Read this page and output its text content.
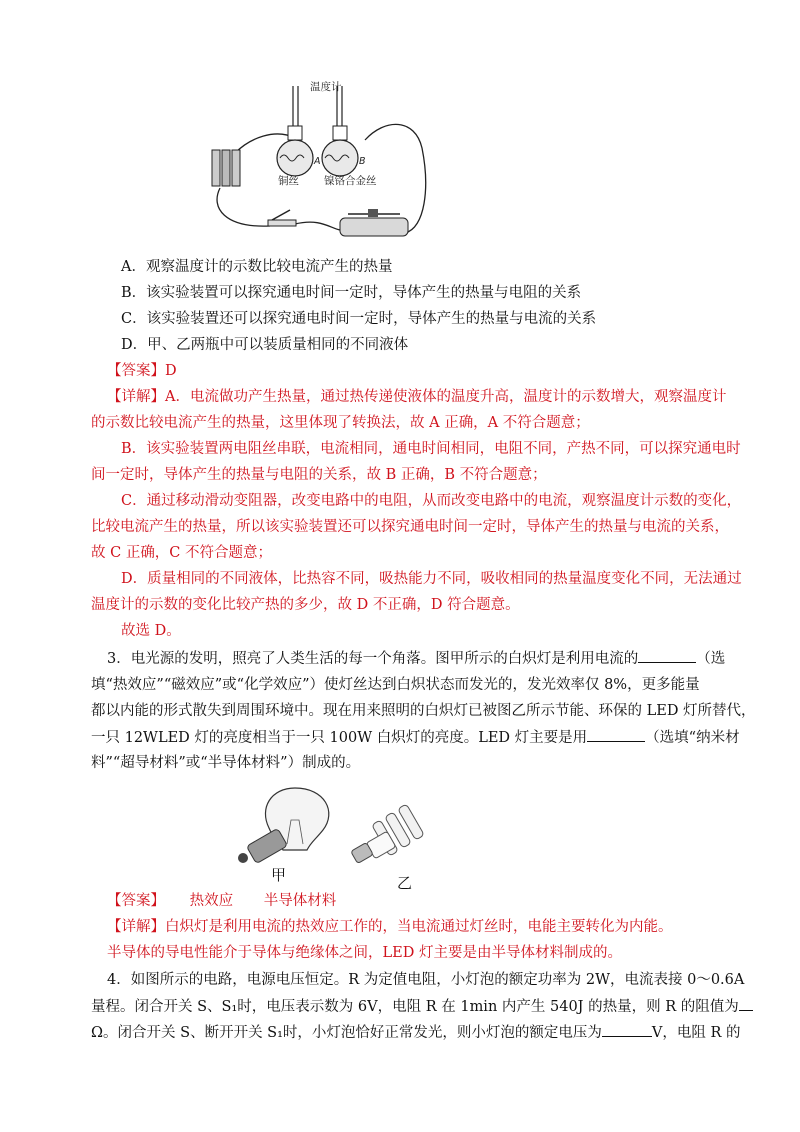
温度计
A	B
铜丝 镍铬合金丝
A．观察温度计的示数比较电流产生的热量
B．该实验装置可以探究通电时间一定时，导体产生的热量与电阻的关系
C．该实验装置还可以探究通电时间一定时，导体产生的热量与电流的关系
D．甲、乙两瓶中可以装质量相同的不同液体
【答案】D
【详解】A．电流做功产生热量，通过热传递使液体的温度升高，温度计的示数增大，观察温度计
的示数比较电流产生的热量，这里体现了转换法，故 A 正确，A 不符合题意；
B．该实验装置两电阻丝串联，电流相同，通电时间相同，电阻不同，产热不同，可以探究通电时
间一定时，导体产生的热量与电阻的关系，故 B 正确，B 不符合题意；
C．通过移动滑动变阻器，改变电路中的电阻，从而改变电路中的电流，观察温度计示数的变化，
比较电流产生的热量，所以该实验装置还可以探究通电时间一定时，导体产生的热量与电流的关系，
故 C 正确，C 不符合题意；
D．质量相同的不同液体，比热容不同，吸热能力不同，吸收相同的热量温度变化不同，无法通过
温度计的示数的变化比较产热的多少，故 D 不正确，D 符合题意。
故选 D。
3．电光源的发明，照亮了人类生活的每一个角落。图甲所示的白炽灯是利用电流的	（选
填“热效应”“磁效应”或“化学效应”）使灯丝达到白炽状态而发光的，发光效率仅 8%，更多能量
都以内能的形式散失到周围环境中。现在用来照明的白炽灯已被图乙所示节能、环保的 LED 灯所替代，
一只 12WLED 灯的亮度相当于一只 100W 白炽灯的亮度。LED 灯主要是用	（选填“纳米材
料”“超导材料”或“半导体材料”）制成的。
甲	乙
【答案】 热效应 半导体材料
【详解】白炽灯是利用电流的热效应工作的，当电流通过灯丝时，电能主要转化为内能。
半导体的导电性能介于导体与绝缘体之间，LED 灯主要是由半导体材料制成的。
4．如图所示的电路，电源电压恒定。R 为定值电阻，小灯泡的额定功率为 2W，电流表接 0～0.6A
量程。闭合开关 S、S₁时，电压表示数为 6V，电阻 R 在 1min 内产生 540J 的热量，则 R 的阻值为
Ω。闭合开关 S、断开开关 S₁时，小灯泡恰好正常发光，则小灯泡的额定电压为	V，电阻 R 的
